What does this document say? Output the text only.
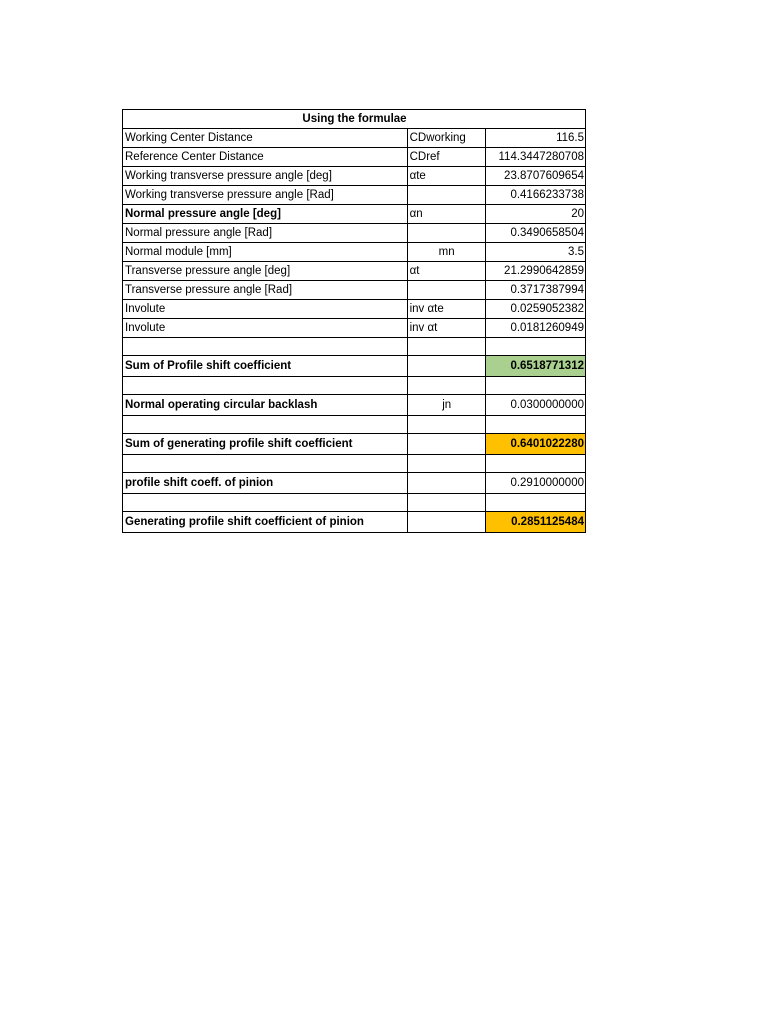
Using the formulae		
Working Center Distance	CDworking	116.5
Reference Center Distance	CDref	114.3447280708
Working transverse pressure angle [deg]	αte	23.8707609654
Working transverse pressure angle [Rad]		0.4166233738
Normal pressure angle [deg]	αn	20
Normal pressure angle [Rad]		0.3490658504
Normal module [mm]	mn	3.5
Transverse pressure angle [deg]	αt	21.2990642859
Transverse pressure angle [Rad]		0.3717387994
Involute	inv αte	0.0259052382
Involute	inv αt	0.0181260949

Sum of Profile shift coefficient		0.6518771312

Normal operating circular backlash	jn	0.0300000000

Sum of generating profile shift coefficient		0.6401022280

profile shift coeff. of pinion		0.2910000000

Generating profile shift coefficient of pinion		0.2851125484
